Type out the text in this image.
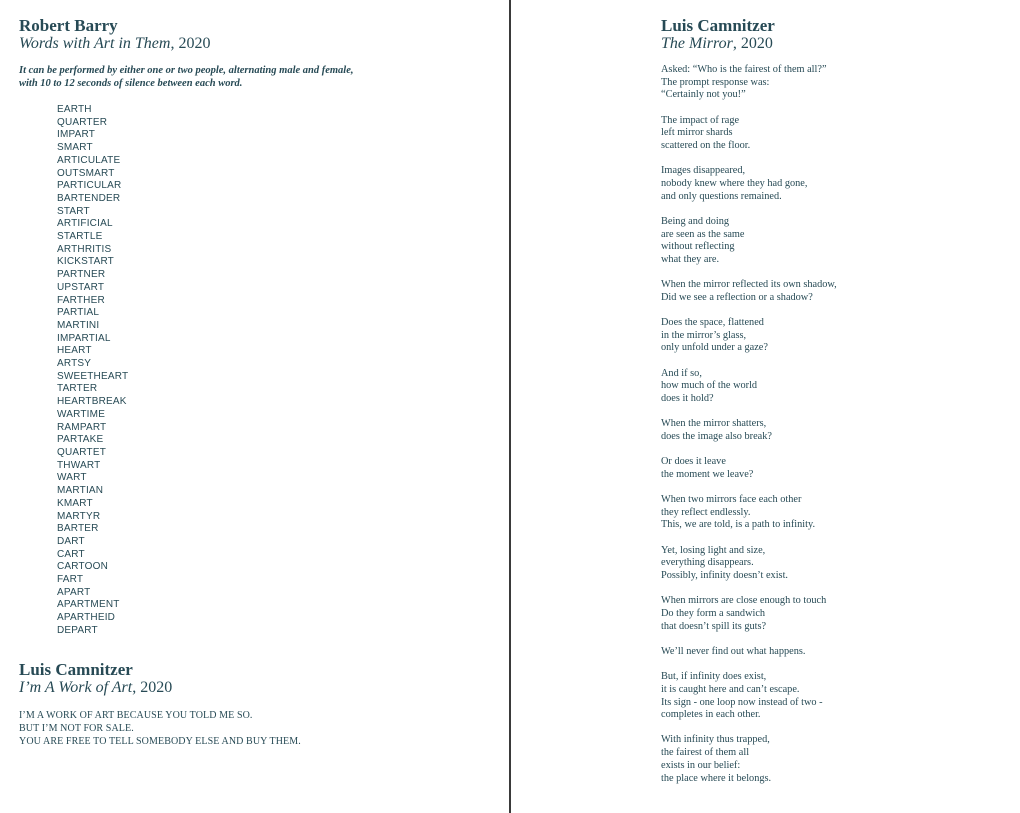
Robert Barry
Words with Art in Them, 2020
It can be performed by either one or two people, alternating male and female,
with 10 to 12 seconds of silence between each word.
EARTH
QUARTER
IMPART
SMART
ARTICULATE
OUTSMART
PARTICULAR
BARTENDER
START
ARTIFICIAL
STARTLE
ARTHRITIS
KICKSTART
PARTNER
UPSTART
FARTHER
PARTIAL
MARTINI
IMPARTIAL
HEART
ARTSY
SWEETHEART
TARTER
HEARTBREAK
WARTIME
RAMPART
PARTAKE
QUARTET
THWART
WART
MARTIAN
KMART
MARTYR
BARTER
DART
CART
CARTOON
FART
APART
APARTMENT
APARTHEID
DEPART
Luis Camnitzer
I’m A Work of Art, 2020
I’M A WORK OF ART BECAUSE YOU TOLD ME SO.
BUT I’M NOT FOR SALE.
YOU ARE FREE TO TELL SOMEBODY ELSE AND BUY THEM.
Luis Camnitzer
The Mirror, 2020
Asked: “Who is the fairest of them all?”
The prompt response was:
“Certainly not you!”
The impact of rage
left mirror shards
scattered on the floor.
Images disappeared,
nobody knew where they had gone,
and only questions remained.
Being and doing
are seen as the same
without reflecting
what they are.
When the mirror reflected its own shadow,
Did we see a reflection or a shadow?
Does the space, flattened
in the mirror’s glass,
only unfold under a gaze?
And if so,
how much of the world
does it hold?
When the mirror shatters,
does the image also break?
Or does it leave
the moment we leave?
When two mirrors face each other
they reflect endlessly.
This, we are told, is a path to infinity.
Yet, losing light and size,
everything disappears.
Possibly, infinity doesn’t exist.
When mirrors are close enough to touch
Do they form a sandwich
that doesn’t spill its guts?
We’ll never find out what happens.
But, if infinity does exist,
it is caught here and can’t escape.
Its sign - one loop now instead of two -
completes in each other.
With infinity thus trapped,
the fairest of them all
exists in our belief:
the place where it belongs.
